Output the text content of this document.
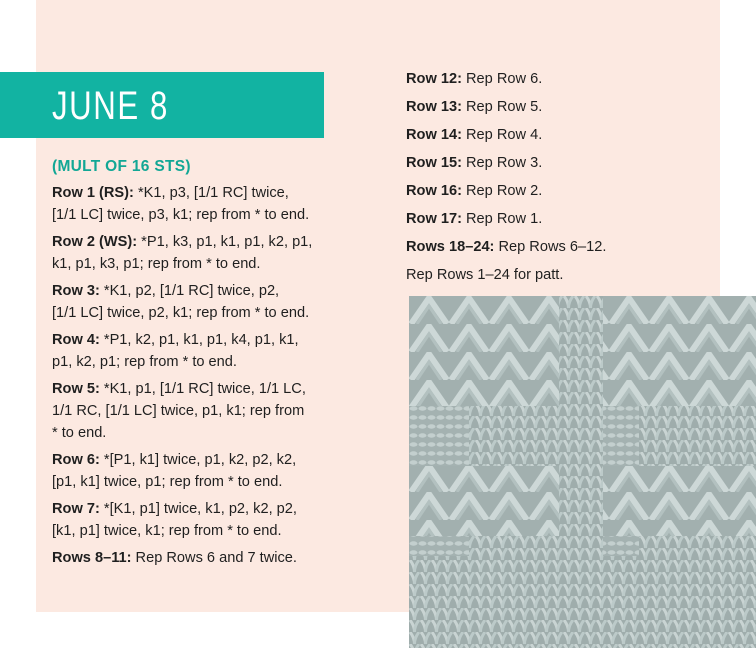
JUNE 8
(MULT OF 16 STS)
Row 1 (RS): *K1, p3, [1/1 RC] twice,
[1/1 LC] twice, p3, k1; rep from * to end.
Row 2 (WS): *P1, k3, p1, k1, p1, k2, p1,
k1, p1, k3, p1; rep from * to end.
Row 3: *K1, p2, [1/1 RC] twice, p2,
[1/1 LC] twice, p2, k1; rep from * to end.
Row 4: *P1, k2, p1, k1, p1, k4, p1, k1,
p1, k2, p1; rep from * to end.
Row 5: *K1, p1, [1/1 RC] twice, 1/1 LC,
1/1 RC, [1/1 LC] twice, p1, k1; rep from
* to end.
Row 6: *[P1, k1] twice, p1, k2, p2, k2,
[p1, k1] twice, p1; rep from * to end.
Row 7: *[K1, p1] twice, k1, p2, k2, p2,
[k1, p1] twice, k1; rep from * to end.
Rows 8–11: Rep Rows 6 and 7 twice.
Row 12: Rep Row 6.
Row 13: Rep Row 5.
Row 14: Rep Row 4.
Row 15: Rep Row 3.
Row 16: Rep Row 2.
Row 17: Rep Row 1.
Rows 18–24: Rep Rows 6–12.
Rep Rows 1–24 for patt.
